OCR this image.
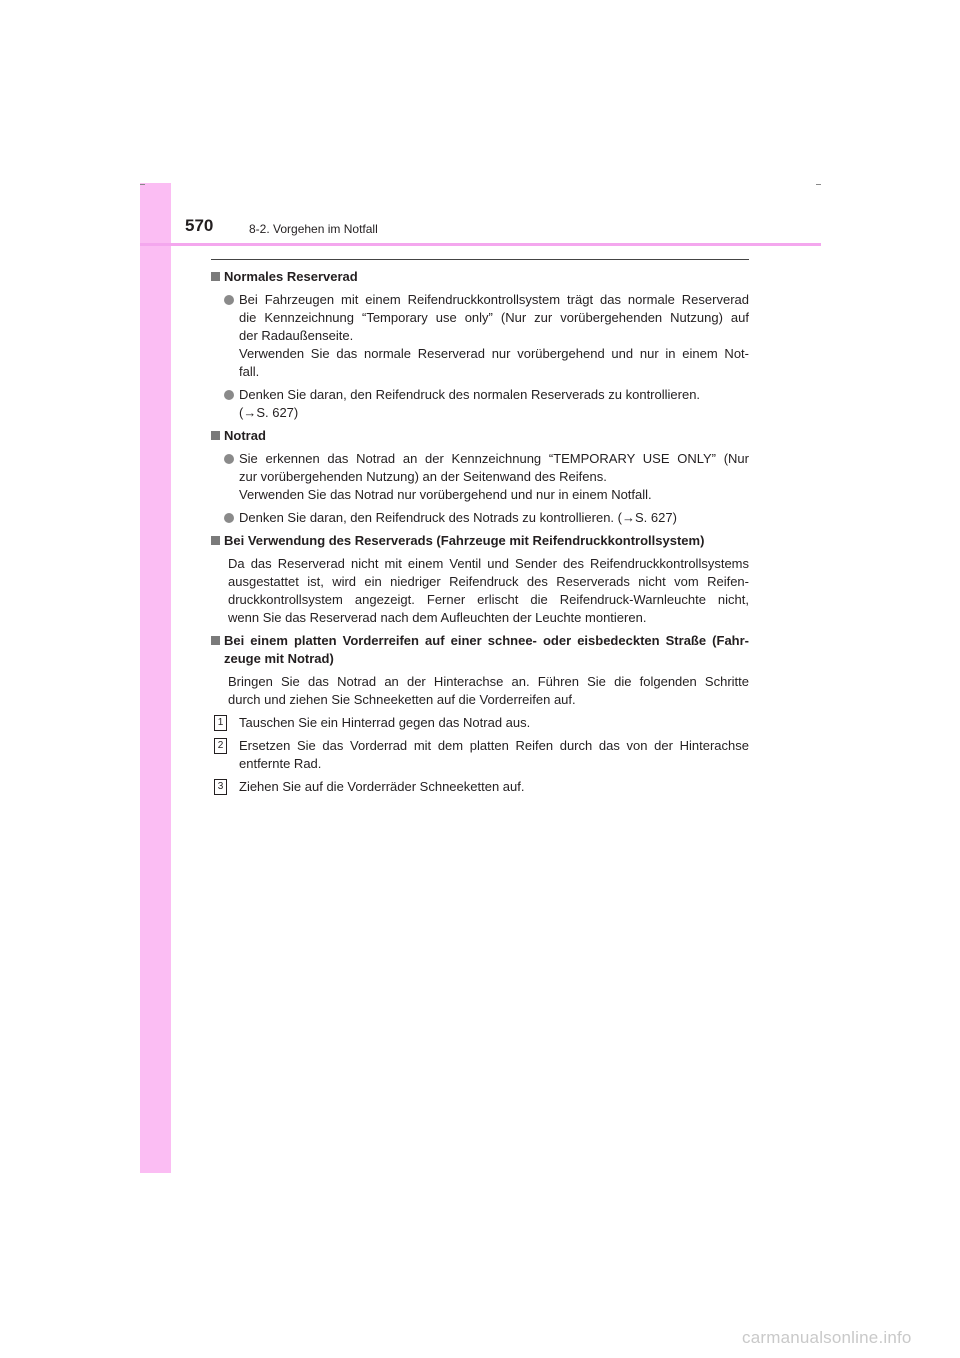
570	8-2. Vorgehen im Notfall
Normales Reserverad
Bei Fahrzeugen mit einem Reifendruckkontrollsystem trägt das normale Reserverad
die Kennzeichnung “Temporary use only” (Nur zur vorübergehenden Nutzung) auf
der Radaußenseite.
Verwenden Sie das normale Reserverad nur vorübergehend und nur in einem Not-
fall.
Denken Sie daran, den Reifendruck des normalen Reserverads zu kontrollieren.
(→S. 627)
Notrad
Sie erkennen das Notrad an der Kennzeichnung “TEMPORARY USE ONLY” (Nur
zur vorübergehenden Nutzung) an der Seitenwand des Reifens.
Verwenden Sie das Notrad nur vorübergehend und nur in einem Notfall.
Denken Sie daran, den Reifendruck des Notrads zu kontrollieren. (→S. 627)
Bei Verwendung des Reserverads (Fahrzeuge mit Reifendruckkontrollsystem)
Da das Reserverad nicht mit einem Ventil und Sender des Reifendruckkontrollsystems
ausgestattet ist, wird ein niedriger Reifendruck des Reserverads nicht vom Reifen-
druckkontrollsystem angezeigt. Ferner erlischt die Reifendruck-Warnleuchte nicht,
wenn Sie das Reserverad nach dem Aufleuchten der Leuchte montieren.
Bei einem platten Vorderreifen auf einer schnee- oder eisbedeckten Straße (Fahr-
zeuge mit Notrad)
Bringen Sie das Notrad an der Hinterachse an. Führen Sie die folgenden Schritte
durch und ziehen Sie Schneeketten auf die Vorderreifen auf.
1 Tauschen Sie ein Hinterrad gegen das Notrad aus.
2 Ersetzen Sie das Vorderrad mit dem platten Reifen durch das von der Hinterachse
entfernte Rad.
3 Ziehen Sie auf die Vorderräder Schneeketten auf.
carmanualsonline.info
